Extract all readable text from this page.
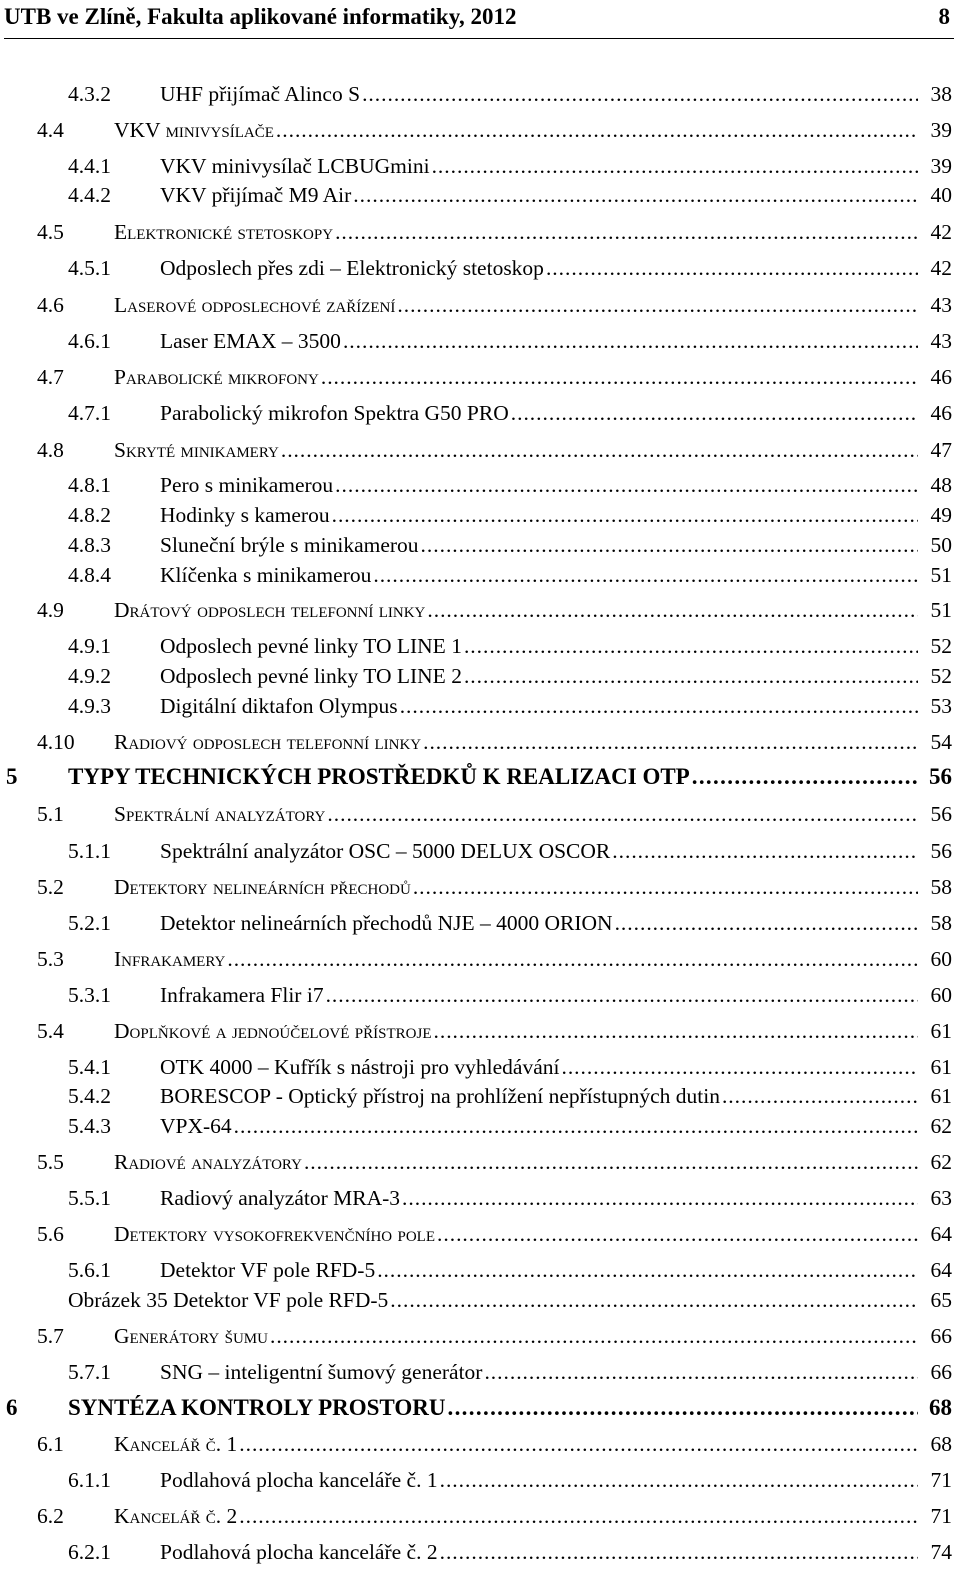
UTB ve Zlíně, Fakulta aplikované informatiky, 2012	8
4.3.2 UHF přijímač Alinco S . . .	38
4.4 VKV minivysílače . . .	39
4.4.1 VKV minivysílač LCBUGmini . . .	39
4.4.2 VKV přijímač M9 Air . . .	40
4.5 Elektronické stetoskopy . . .	42
4.5.1 Odposlech přes zdi – Elektronický stetoskop . . .	42
4.6 Laserové odposlechové zařízení . . .	43
4.6.1 Laser EMAX – 3500 . . .	43
4.7 Parabolické mikrofony . . .	46
4.7.1 Parabolický mikrofon Spektra G50 PRO . . .	46
4.8 Skryté minikamery . . .	47
4.8.1 Pero s minikamerou . . .	48
4.8.2 Hodinky s kamerou . . .	49
4.8.3 Sluneční brýle s minikamerou . . .	50
4.8.4 Klíčenka s minikamerou . . .	51
4.9 Drátový odposlech telefonní linky . . .	51
4.9.1 Odposlech pevné linky TO LINE 1 . . .	52
4.9.2 Odposlech pevné linky TO LINE 2 . . .	52
4.9.3 Digitální diktafon Olympus . . .	53
4.10 Radiový odposlech telefonní linky . . .	54
5 TYPY TECHNICKÝCH PROSTŘEDKŮ K REALIZACI OTP . . .	56
5.1 Spektrální analyzátory . . .	56
5.1.1 Spektrální analyzátor OSC – 5000 DELUX OSCOR . . .	56
5.2 Detektory nelineárních přechodů . . .	58
5.2.1 Detektor nelineárních přechodů NJE – 4000 ORION . . .	58
5.3 Infrakamery . . .	60
5.3.1 Infrakamera Flir i7 . . .	60
5.4 Doplňkové a jednoúčelové přístroje . . .	61
5.4.1 OTK 4000 – Kufřík s nástroji pro vyhledávání . . .	61
5.4.2 BORESCOP - Optický přístroj na prohlížení nepřístupných dutin . . .	61
5.4.3 VPX-64 . . .	62
5.5 Radiové analyzátory . . .	62
5.5.1 Radiový analyzátor MRA-3 . . .	63
5.6 Detektory vysokofrekvenčního pole . . .	64
5.6.1 Detektor VF pole RFD-5 . . .	64
Obrázek 35 Detektor VF pole RFD-5 . . .	65
5.7 Generátory šumu . . .	66
5.7.1 SNG – inteligentní šumový generátor . . .	66
6 SYNTÉZA KONTROLY PROSTORU . . .	68
6.1 Kancelář č. 1 . . .	68
6.1.1 Podlahová plocha kanceláře č. 1 . . .	71
6.2 Kancelář č. 2 . . .	71
6.2.1 Podlahová plocha kanceláře č. 2 . . .	74
